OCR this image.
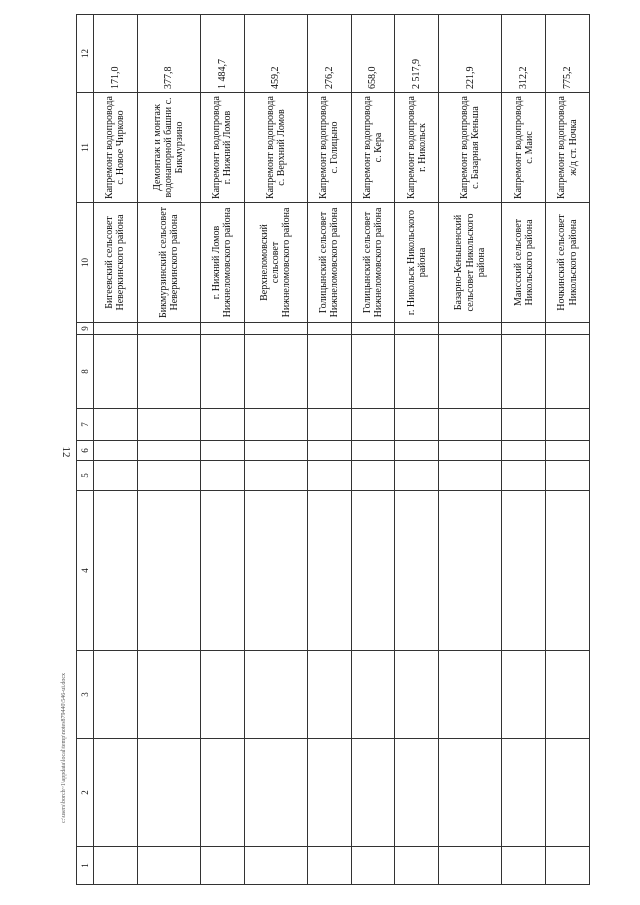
12
c:\users\borch~1\appdata\local\temp\notes879440\546-ui.docx
1	2	3	4	5	6	7	8	9	10	11	12
									Бигеевский сельсовет Неверкинского района	Капремонт водопровода с. Новое Чирково	171,0
									Бикмурзинский сельсовет Неверкинского района	Демонтаж и монтаж водонапорной башни с. Бикмурзино	377,8
									г. Нижний Ломов Нижнеломовского района	Капремонт водопровода г. Нижний Ломов	1 484,7
									Верхнеломовский сельсовет Нижнеломовского района	Капремонт водопровода с. Верхний Ломов	459,2
									Голицынский сельсовет Нижнеломовского района	Капремонт водопровода с. Голицыно	276,2
									Голицынский сельсовет Нижнеломовского района	Капремонт водопровода с. Кера	658,0
									г. Никольск Никольского района	Капремонт водопровода г. Никольск	2 517,9
									Базарно-Кеньшенский сельсовет Никольского района	Капремонт водопровода с. Базарная Кеньша	221,9
									Маисский сельсовет Никольского района	Капремонт водопровода с. Маис	312,2
									Ночкинский сельсовет Никольского района	Капремонт водопровода ж/д ст. Ночка	775,2
